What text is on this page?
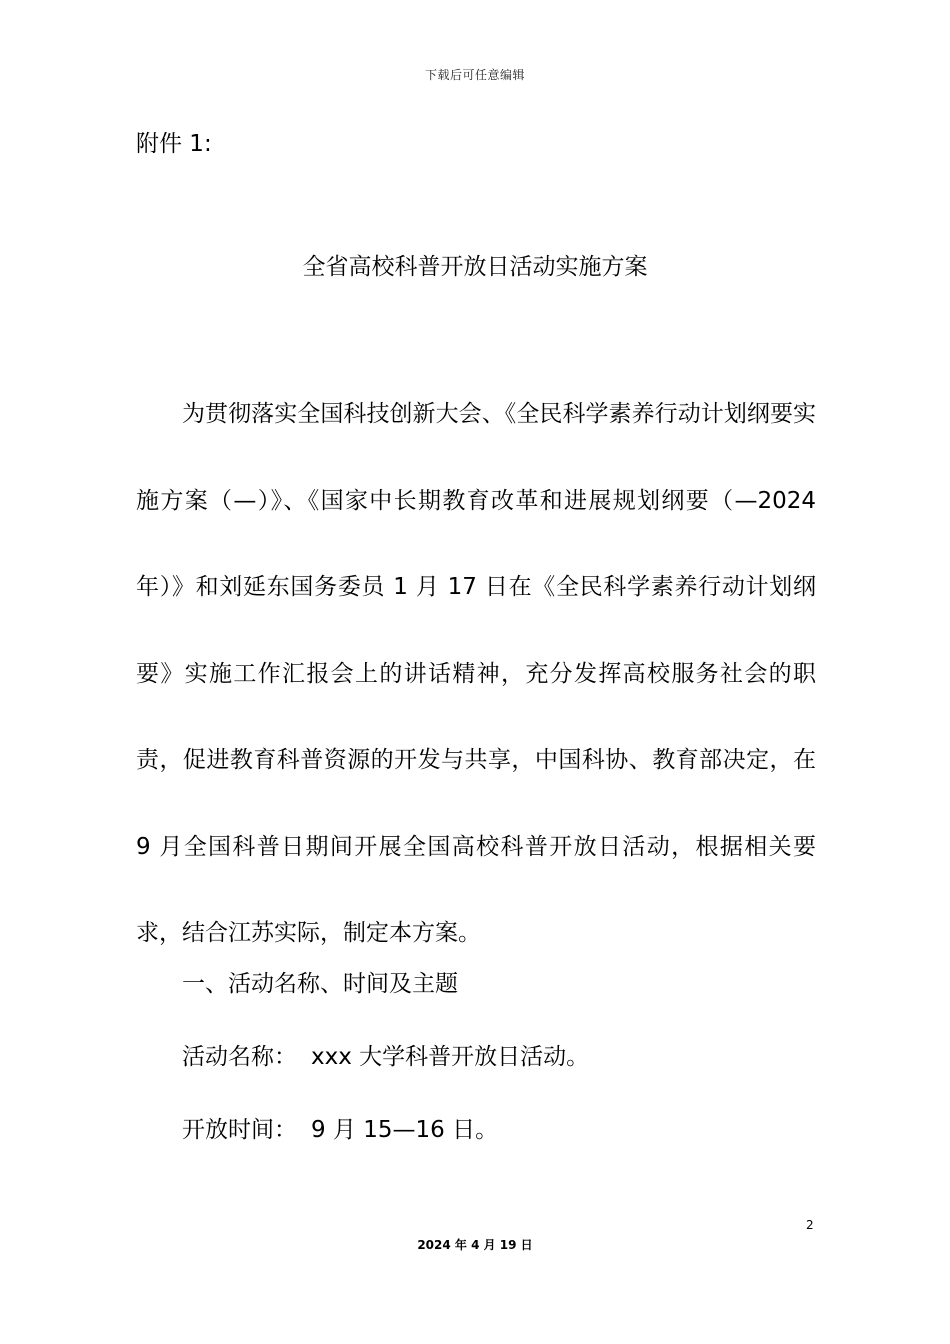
下载后可任意编辑
附件 1:
全省高校科普开放日活动实施方案

为贯彻落实全国科技创新大会、《全民科学素养行动计划纲要实施方案（—）》、《国家中长期教育改革和进展规划纲要（—2024 年）》和刘延东国务委员 1 月 17 日在《全民科学素养行动计划纲要》实施工作汇报会上的讲话精神，充分发挥高校服务社会的职责，促进教育科普资源的开发与共享，中国科协、教育部决定，在 9 月全国科普日期间开展全国高校科普开放日活动，根据相关要求，结合江苏实际，制定本方案。

一、活动名称、时间及主题
活动名称： xxx 大学科普开放日活动。
开放时间： 9 月 15—16 日。
2
2024 年 4 月 19 日
